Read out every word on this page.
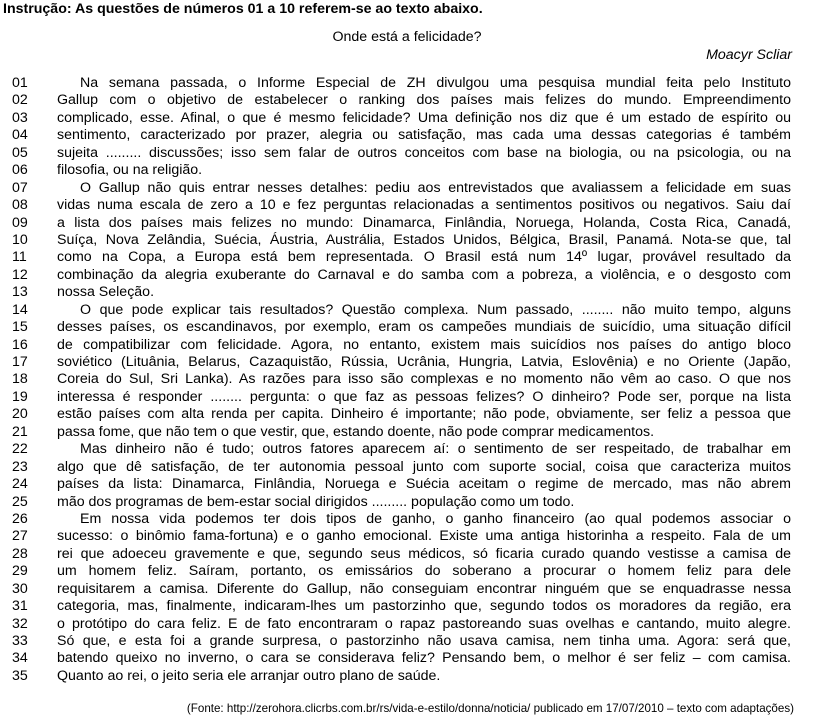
Instrução: As questões de números 01 a 10 referem-se ao texto abaixo.
Onde está a felicidade?
Moacyr Scliar
01	Na semana passada, o Informe Especial de ZH divulgou uma pesquisa mundial feita pelo Instituto
02 Gallup com o objetivo de estabelecer o ranking dos países mais felizes do mundo. Empreendimento
03 complicado, esse. Afinal, o que é mesmo felicidade? Uma definição nos diz que é um estado de espírito ou
04 sentimento, caracterizado por prazer, alegria ou satisfação, mas cada uma dessas categorias é também
05 sujeita ......... discussões; isso sem falar de outros conceitos com base na biologia, ou na psicologia, ou na
06 filosofia, ou na religião.
07	O Gallup não quis entrar nesses detalhes: pediu aos entrevistados que avaliassem a felicidade em suas
08 vidas numa escala de zero a 10 e fez perguntas relacionadas a sentimentos positivos ou negativos. Saiu daí
09 a lista dos países mais felizes no mundo: Dinamarca, Finlândia, Noruega, Holanda, Costa Rica, Canadá,
10 Suíça, Nova Zelândia, Suécia, Áustria, Austrália, Estados Unidos, Bélgica, Brasil, Panamá. Nota-se que, tal
11 como na Copa, a Europa está bem representada. O Brasil está num 14º lugar, provável resultado da
12 combinação da alegria exuberante do Carnaval e do samba com a pobreza, a violência, e o desgosto com
13 nossa Seleção.
14	O que pode explicar tais resultados? Questão complexa. Num passado, ........ não muito tempo, alguns
15 desses países, os escandinavos, por exemplo, eram os campeões mundiais de suicídio, uma situação difícil
16 de compatibilizar com felicidade. Agora, no entanto, existem mais suicídios nos países do antigo bloco
17 soviético (Lituânia, Belarus, Cazaquistão, Rússia, Ucrânia, Hungria, Latvia, Eslovênia) e no Oriente (Japão,
18 Coreia do Sul, Sri Lanka). As razões para isso são complexas e no momento não vêm ao caso. O que nos
19 interessa é responder ........ pergunta: o que faz as pessoas felizes? O dinheiro? Pode ser, porque na lista
20 estão países com alta renda per capita. Dinheiro é importante; não pode, obviamente, ser feliz a pessoa que
21 passa fome, que não tem o que vestir, que, estando doente, não pode comprar medicamentos.
22	Mas dinheiro não é tudo; outros fatores aparecem aí: o sentimento de ser respeitado, de trabalhar em
23 algo que dê satisfação, de ter autonomia pessoal junto com suporte social, coisa que caracteriza muitos
24 países da lista: Dinamarca, Finlândia, Noruega e Suécia aceitam o regime de mercado, mas não abrem
25 mão dos programas de bem-estar social dirigidos ......... população como um todo.
26	Em nossa vida podemos ter dois tipos de ganho, o ganho financeiro (ao qual podemos associar o
27 sucesso: o binômio fama-fortuna) e o ganho emocional. Existe uma antiga historinha a respeito. Fala de um
28 rei que adoeceu gravemente e que, segundo seus médicos, só ficaria curado quando vestisse a camisa de
29 um homem feliz. Saíram, portanto, os emissários do soberano a procurar o homem feliz para dele
30 requisitarem a camisa. Diferente do Gallup, não conseguiam encontrar ninguém que se enquadrasse nessa
31 categoria, mas, finalmente, indicaram-lhes um pastorzinho que, segundo todos os moradores da região, era
32 o protótipo do cara feliz. E de fato encontraram o rapaz pastoreando suas ovelhas e cantando, muito alegre.
33 Só que, e esta foi a grande surpresa, o pastorzinho não usava camisa, nem tinha uma. Agora: será que,
34 batendo queixo no inverno, o cara se considerava feliz? Pensando bem, o melhor é ser feliz – com camisa.
35 Quanto ao rei, o jeito seria ele arranjar outro plano de saúde.
(Fonte: http://zerohora.clicrbs.com.br/rs/vida-e-estilo/donna/noticia/ publicado em 17/07/2010 – texto com adaptações)
